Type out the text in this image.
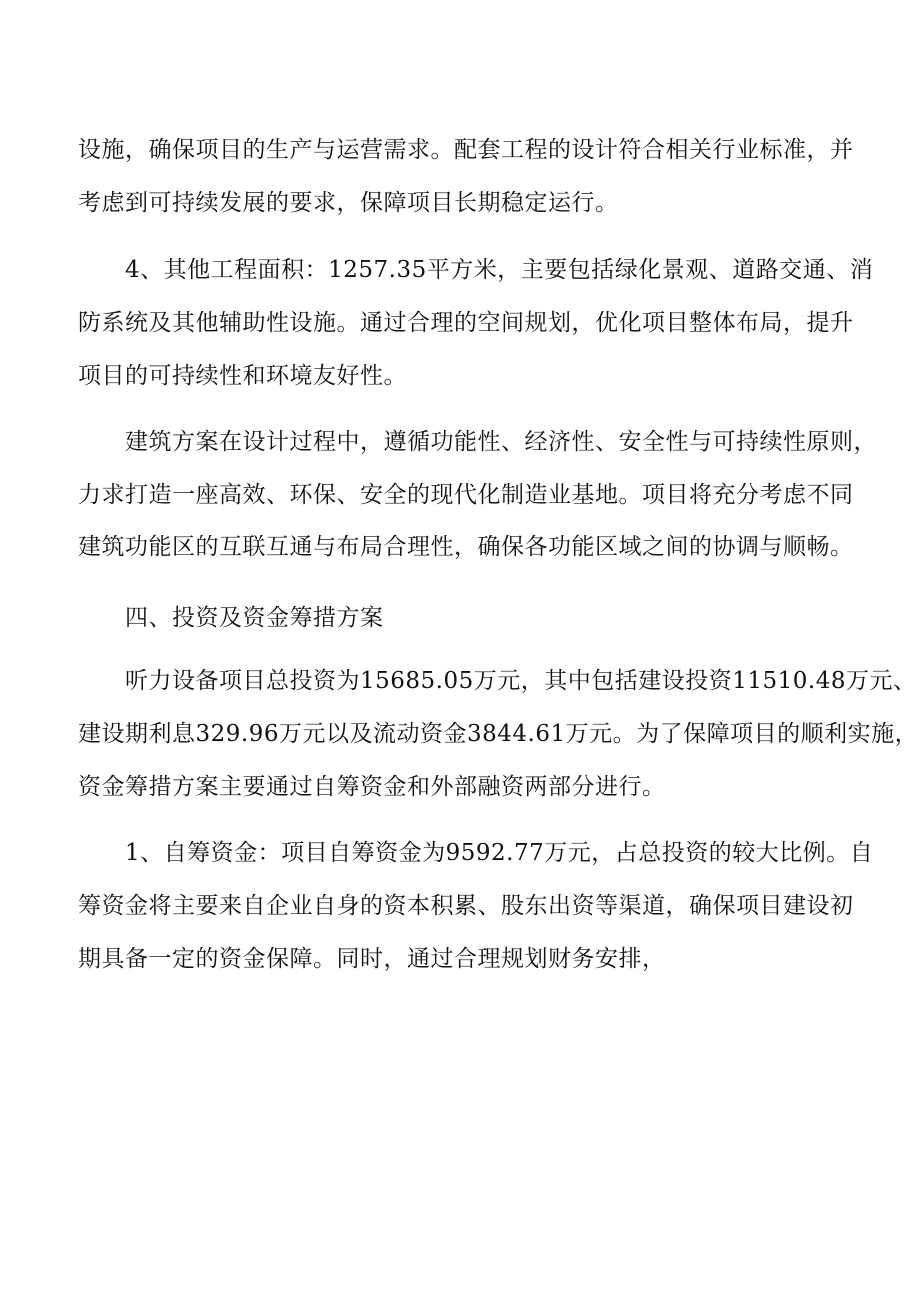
设施，确保项目的生产与运营需求。配套工程的设计符合相关行业标准，并
考虑到可持续发展的要求，保障项目长期稳定运行。
4、其他工程面积：1257.35平方米，主要包括绿化景观、道路交通、消
防系统及其他辅助性设施。通过合理的空间规划，优化项目整体布局，提升
项目的可持续性和环境友好性。
建筑方案在设计过程中，遵循功能性、经济性、安全性与可持续性原则，
力求打造一座高效、环保、安全的现代化制造业基地。项目将充分考虑不同
建筑功能区的互联互通与布局合理性，确保各功能区域之间的协调与顺畅。
四、投资及资金筹措方案
听力设备项目总投资为15685.05万元，其中包括建设投资11510.48万元、
建设期利息329.96万元以及流动资金3844.61万元。为了保障项目的顺利实施，
资金筹措方案主要通过自筹资金和外部融资两部分进行。
1、自筹资金：项目自筹资金为9592.77万元，占总投资的较大比例。自
筹资金将主要来自企业自身的资本积累、股东出资等渠道，确保项目建设初
期具备一定的资金保障。同时，通过合理规划财务安排，
